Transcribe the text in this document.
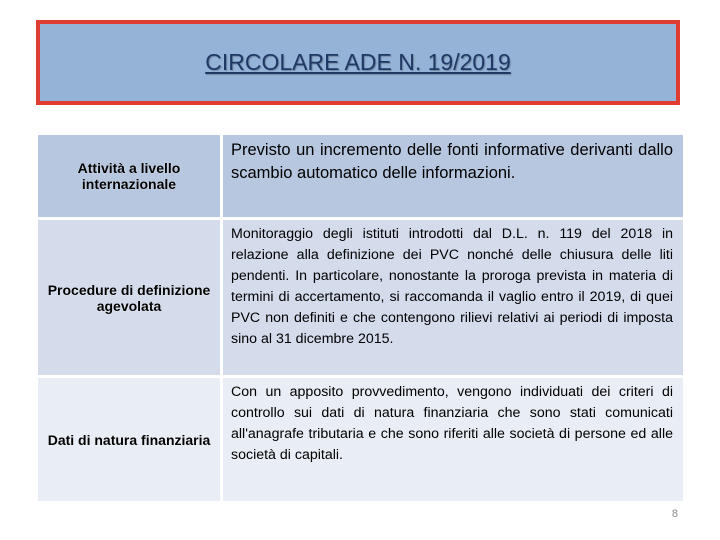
CIRCOLARE ADE N. 19/2019
Attività a livello internazionale
Previsto un incremento delle fonti informative derivanti dallo scambio automatico delle informazioni.
Procedure di definizione agevolata
Monitoraggio degli istituti introdotti dal D.L. n. 119 del 2018 in relazione alla definizione dei PVC nonché delle chiusura delle liti pendenti. In particolare, nonostante la proroga prevista in materia di termini di accertamento, si raccomanda il vaglio entro il 2019, di quei PVC non definiti e che contengono rilievi relativi ai periodi di imposta sino al 31 dicembre 2015.
Dati di natura finanziaria
Con un apposito provvedimento, vengono individuati dei criteri di controllo sui dati di natura finanziaria che sono stati comunicati all'anagrafe tributaria e che sono riferiti alle società di persone ed alle società di capitali.
8
